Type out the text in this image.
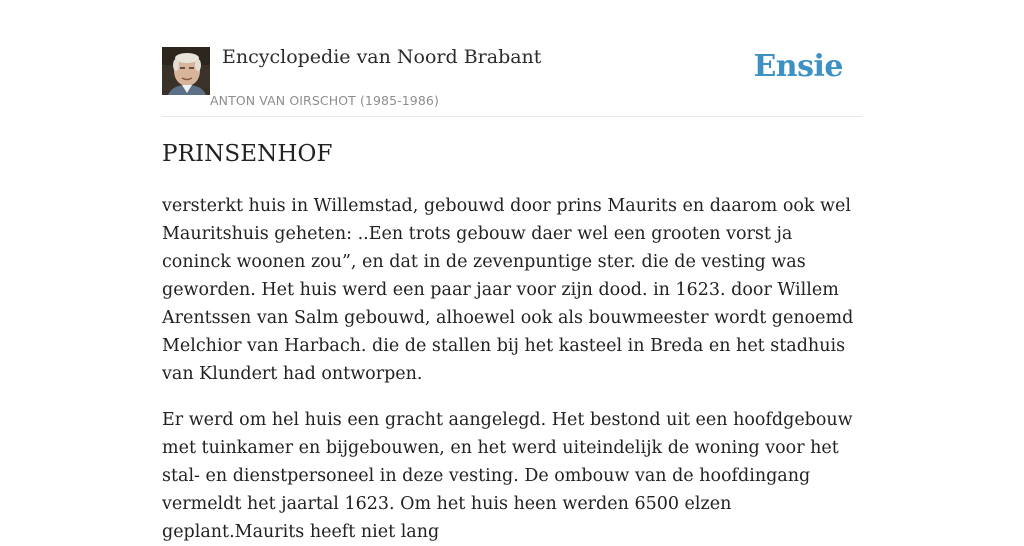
Encyclopedie van Noord Brabant
ANTON VAN OIRSCHOT (1985-1986)
Ensie
PRINSENHOF

versterkt huis in Willemstad, gebouwd door prins Maurits en daarom ook wel Mauritshuis geheten: ..Een trots gebouw daer wel een grooten vorst ja coninck woonen zou”, en dat in de zevenpuntige ster. die de vesting was geworden. Het huis werd een paar jaar voor zijn dood. in 1623. door Willem Arentssen van Salm gebouwd, alhoewel ook als bouwmeester wordt genoemd Melchior van Harbach. die de stallen bij het kasteel in Breda en het stadhuis van Klundert had ontworpen.

Er werd om hel huis een gracht aangelegd. Het bestond uit een hoofdgebouw met tuinkamer en bijgebouwen, en het werd uiteindelijk de woning voor het stal- en dienstpersoneel in deze vesting. De ombouw van de hoofdingang vermeldt het jaartal 1623. Om het huis heen werden 6500 elzen geplant.Maurits heeft niet lang
